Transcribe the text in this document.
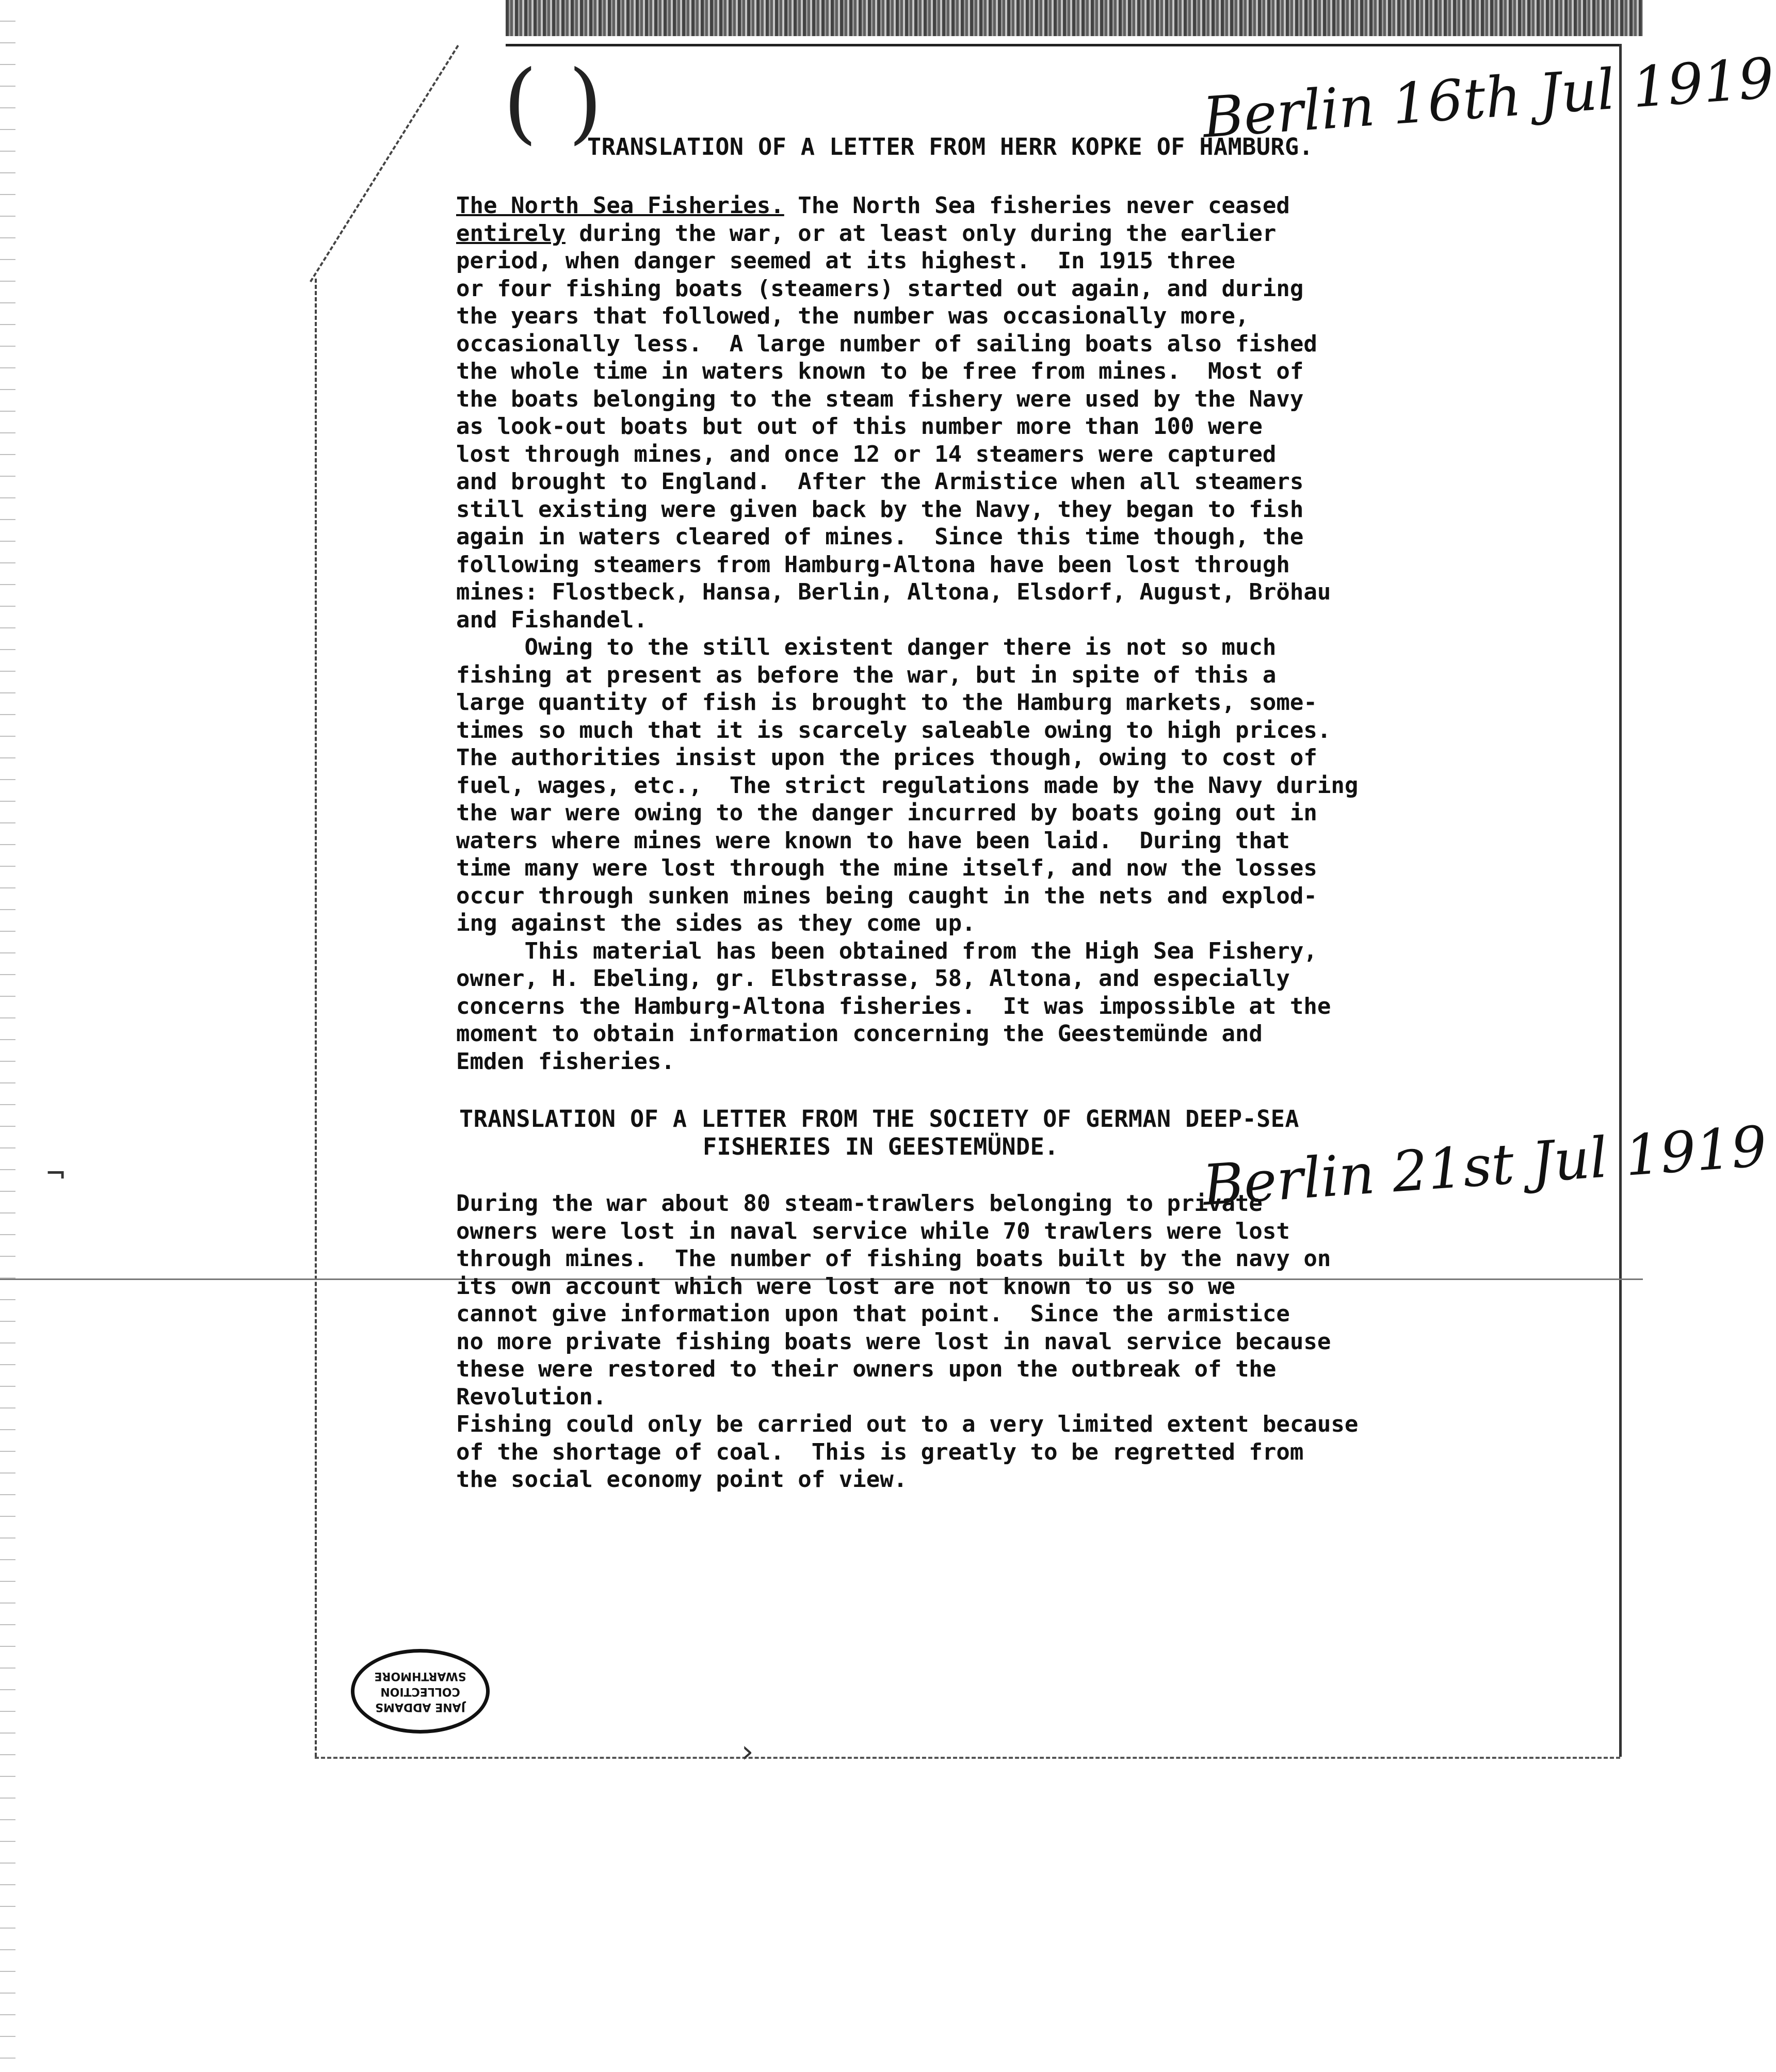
¬
()
›
Berlin 16th Jul 1919
TRANSLATION OF A LETTER FROM HERR KOPKE OF HAMBURG.
The North Sea Fisheries. The North Sea fisheries never ceased
entirely during the war, or at least only during the earlier
period, when danger seemed at its highest.  In 1915 three
or four fishing boats (steamers) started out again, and during
the years that followed, the number was occasionally more,
occasionally less.  A large number of sailing boats also fished
the whole time in waters known to be free from mines.  Most of
the boats belonging to the steam fishery were used by the Navy
as look-out boats but out of this number more than 100 were
lost through mines, and once 12 or 14 steamers were captured
and brought to England.  After the Armistice when all steamers
still existing were given back by the Navy, they began to fish
again in waters cleared of mines.  Since this time though, the
following steamers from Hamburg-Altona have been lost through
mines: Flostbeck, Hansa, Berlin, Altona, Elsdorf, August, Bröhau
and Fishandel.
Owing to the still existent danger there is not so much
fishing at present as before the war, but in spite of this a
large quantity of fish is brought to the Hamburg markets, some-
times so much that it is scarcely saleable owing to high prices.
The authorities insist upon the prices though, owing to cost of
fuel, wages, etc.,  The strict regulations made by the Navy during
the war were owing to the danger incurred by boats going out in
waters where mines were known to have been laid.  During that
time many were lost through the mine itself, and now the losses
occur through sunken mines being caught in the nets and explod-
ing against the sides as they come up.
This material has been obtained from the High Sea Fishery,
owner, H. Ebeling, gr. Elbstrasse, 58, Altona, and especially
concerns the Hamburg-Altona fisheries.  It was impossible at the
moment to obtain information concerning the Geestemünde and
Emden fisheries.
TRANSLATION OF A LETTER FROM THE SOCIETY OF GERMAN DEEP-SEA
FISHERIES IN GEESTEMÜNDE.	Berlin 21st Jul 1919
During the war about 80 steam-trawlers belonging to private
owners were lost in naval service while 70 trawlers were lost
through mines.  The number of fishing boats built by the navy on
its own account which were lost are not known to us so we
cannot give information upon that point.  Since the armistice
no more private fishing boats were lost in naval service because
these were restored to their owners upon the outbreak of the
Revolution.
Fishing could only be carried out to a very limited extent because
of the shortage of coal.  This is greatly to be regretted from
the social economy point of view.
JANE ADDAMS
COLLECTION
SWARTHMORE
